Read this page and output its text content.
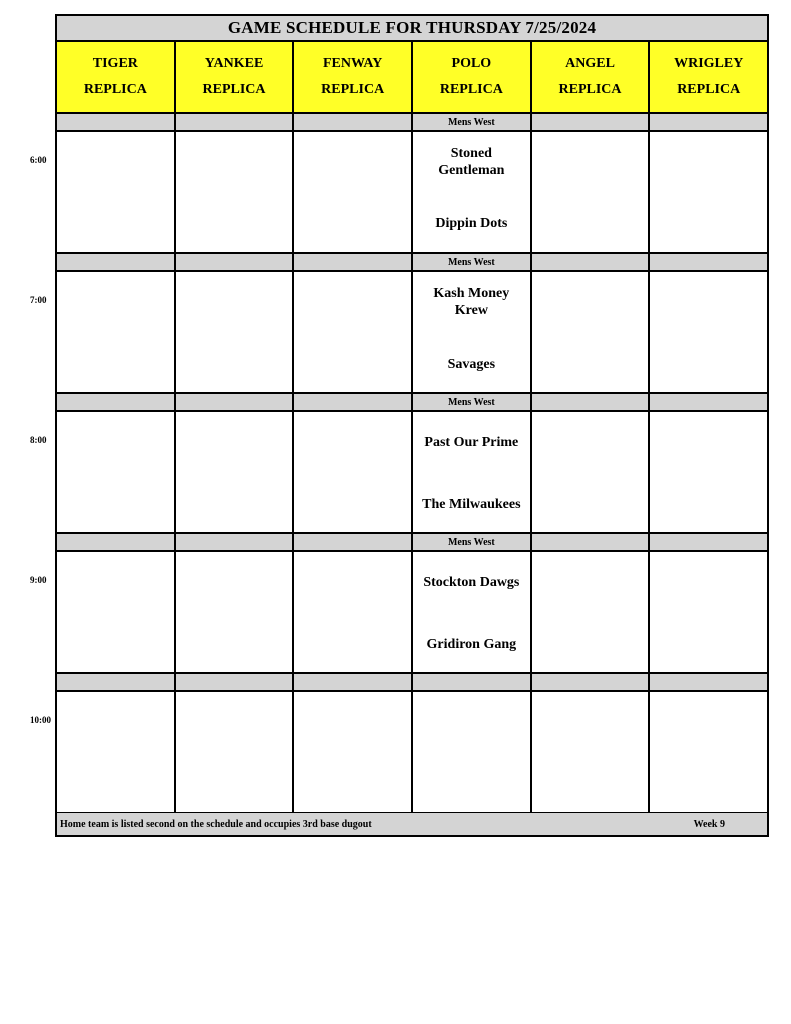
6:00
7:00
8:00
9:00
10:00
GAME SCHEDULE FOR THURSDAY 7/25/2024
TIGER
REPLICA
YANKEE
REPLICA
FENWAY
REPLICA
POLO
REPLICA
ANGEL
REPLICA
WRIGLEY
REPLICA
Mens West
Stoned Gentleman
Dippin Dots
Mens West
Kash Money Krew
Savages
Mens West
Past Our Prime
The Milwaukees
Mens West
Stockton Dawgs
Gridiron Gang
Home team is listed second on the schedule and occupies 3rd base dugout	Week 9
